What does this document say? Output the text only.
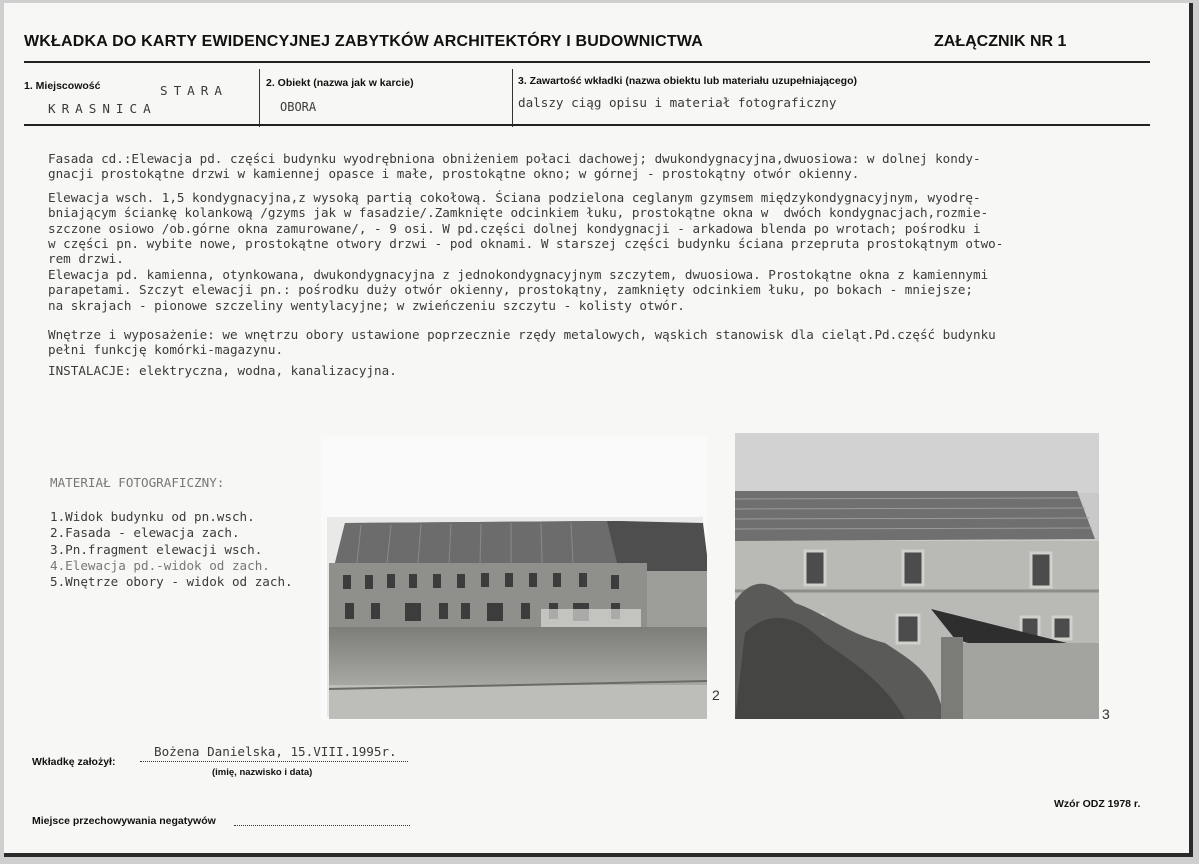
WKŁADKA DO KARTY EWIDENCYJNEJ ZABYTKÓW ARCHITEKTÓRY I BUDOWNICTWA	ZAŁĄCZNIK NR 1
1. Miejscowość	STARA
KRASNICA
2. Obiekt (nazwa jak w karcie)
OBORA
3. Zawartość wkładki (nazwa obiektu lub materiału uzupełniającego)
dalszy ciąg opisu i materiał fotograficzny

Fasada cd.:Elewacja pd. części budynku wyodrębniona obniżeniem połaci dachowej; dwukondygnacyjna,dwuosiowa: w dolnej kondy-

gnacji prostokątne drzwi w kamiennej opasce i małe, prostokątne okno; w górnej - prostokątny otwór okienny.

Elewacja wsch. 1,5 kondygnacyjna,z wysoką partią cokołową. Ściana podzielona ceglanym gzymsem międzykondygnacyjnym, wyodrę-

bniającym ściankę kolankową /gzyms jak w fasadzie/.Zamknięte odcinkiem łuku, prostokątne okna w  dwóch kondygnacjach,rozmie-

szczone osiowo /ob.górne okna zamurowane/, - 9 osi. W pd.części dolnej kondygnacji - arkadowa blenda po wrotach; pośrodku i

w części pn. wybite nowe, prostokątne otwory drzwi - pod oknami. W starszej części budynku ściana przepruta prostokątnym otwo-

rem drzwi.

Elewacja pd. kamienna, otynkowana, dwukondygnacyjna z jednokondygnacyjnym szczytem, dwuosiowa. Prostokątne okna z kamiennymi

parapetami. Szczyt elewacji pn.: pośrodku duży otwór okienny, prostokątny, zamknięty odcinkiem łuku, po bokach - mniejsze;

na skrajach - pionowe szczeliny wentylacyjne; w zwieńczeniu szczytu - kolisty otwór.

Wnętrze i wyposażenie: we wnętrzu obory ustawione poprzecznie rzędy metalowych, wąskich stanowisk dla cieląt.Pd.część budynku

pełni funkcję komórki-magazynu.

INSTALACJE: elektryczna, wodna, kanalizacyjna.

MATERIAŁ FOTOGRAFICZNY:
1.Widok budynku od pn.wsch.
2.Fasada - elewacja zach.
3.Pn.fragment elewacji wsch.
4.Elewacja pd.-widok od zach.
5.Wnętrze obory - widok od zach.
2
3
Wkładkę założył:
Bożena Danielska, 15.VIII.1995r.
(imię, nazwisko i data)
Miejsce przechowywania negatywów
Wzór ODZ 1978 r.
